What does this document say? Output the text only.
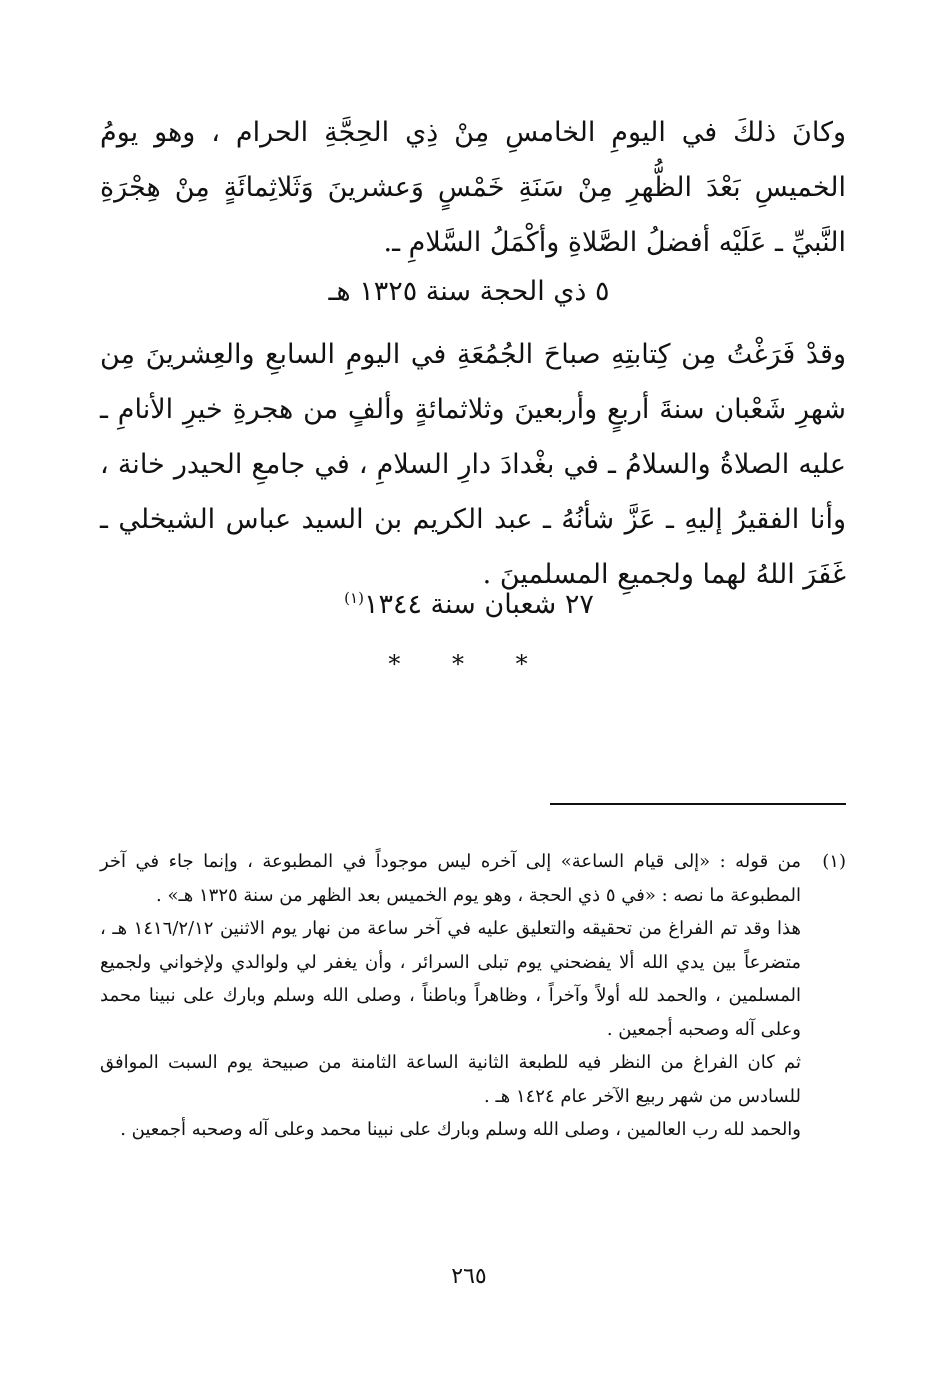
وكانَ ذلكَ في اليومِ الخامسِ مِنْ ذِي الحِجَّةِ الحرام ، وهو يومُ الخميسِ بَعْدَ الظُّهرِ مِنْ سَنَةِ خَمْسٍ وَعشرينَ وَثَلاثِمائَةٍ مِنْ هِجْرَةِ النَّبيِّ ـ عَلَيْه أفضلُ الصَّلاةِ وأكْمَلُ السَّلامِ ـ.

٥ ذي الحجة سنة ١٣٢٥ هـ

وقدْ فَرَغْتُ مِن كِتابتِهِ صباحَ الجُمُعَةِ في اليومِ السابعِ والعِشرينَ مِن شهرِ شَعْبان سنةَ أربعٍ وأربعينَ وثلاثمائةٍ وألفٍ من هجرةِ خيرِ الأنامِ ـ عليه الصلاةُ والسلامُ ـ في بغْدادَ دارِ السلامِ ، في جامعِ الحيدر خانة ، وأنا الفقيرُ إليهِ ـ عَزَّ شأنُهُ ـ عبد الكريم بن السيد عباس الشيخلي ـ غَفَرَ اللهُ لهما ولجميعِ المسلمينَ .

٢٧ شعبان سنة ١٣٤٤$^{(١)}$
* * *
(١)
من قوله : «إلى قيام الساعة» إلى آخره ليس موجوداً في المطبوعة ، وإنما جاء في آخر المطبوعة ما نصه : «في ٥ ذي الحجة ، وهو يوم الخميس بعد الظهر من سنة ١٣٢٥ هـ» .
هذا وقد تم الفراغ من تحقيقه والتعليق عليه في آخر ساعة من نهار يوم الاثنين ١٤١٦/٢/١٢ هـ ، متضرعاً بين يدي الله ألا يفضحني يوم تبلى السرائر ، وأن يغفر لي ولوالدي ولإخواني ولجميع المسلمين ، والحمد لله أولاً وآخراً ، وظاهراً وباطناً ، وصلى الله وسلم وبارك على نبينا محمد وعلى آله وصحبه أجمعين .
ثم كان الفراغ من النظر فيه للطبعة الثانية الساعة الثامنة من صبيحة يوم السبت الموافق للسادس من شهر ربيع الآخر عام ١٤٢٤ هـ .
والحمد لله رب العالمين ، وصلى الله وسلم وبارك على نبينا محمد وعلى آله وصحبه أجمعين .
٢٦٥
